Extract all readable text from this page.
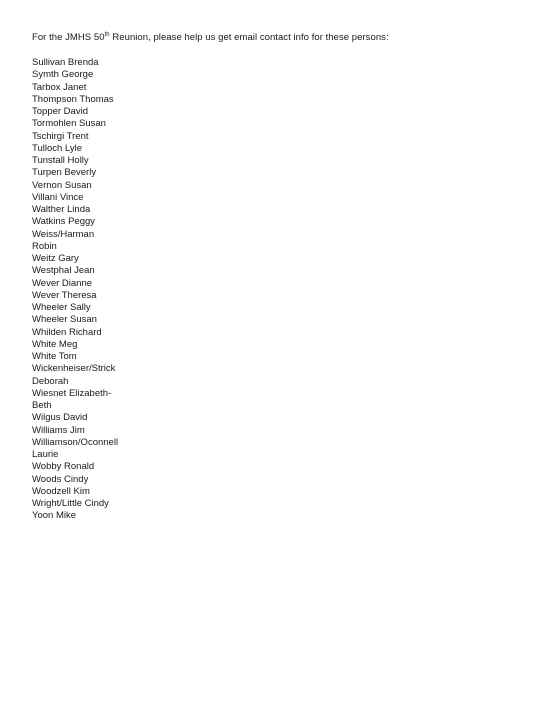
For the JMHS 50th Reunion, please help us get email contact info for these persons:
Sullivan Brenda
Symth George
Tarbox Janet
Thompson Thomas
Topper David
Tormohlen Susan
Tschirgi Trent
Tulloch Lyle
Tunstall Holly
Turpen Beverly
Vernon Susan
Villani Vince
Walther Linda
Watkins Peggy
Weiss/Harman
Robin
Weitz Gary
Westphal Jean
Wever Dianne
Wever Theresa
Wheeler Sally
Wheeler Susan
Whilden Richard
White Meg
White Tom
Wickenheiser/Strick
Deborah
Wiesnet Elizabeth-
Beth
Wilgus David
Williams Jim
Williamson/Oconnell
Laurie
Wobby Ronald
Woods Cindy
Woodzell Kim
Wright/Little Cindy
Yoon Mike
